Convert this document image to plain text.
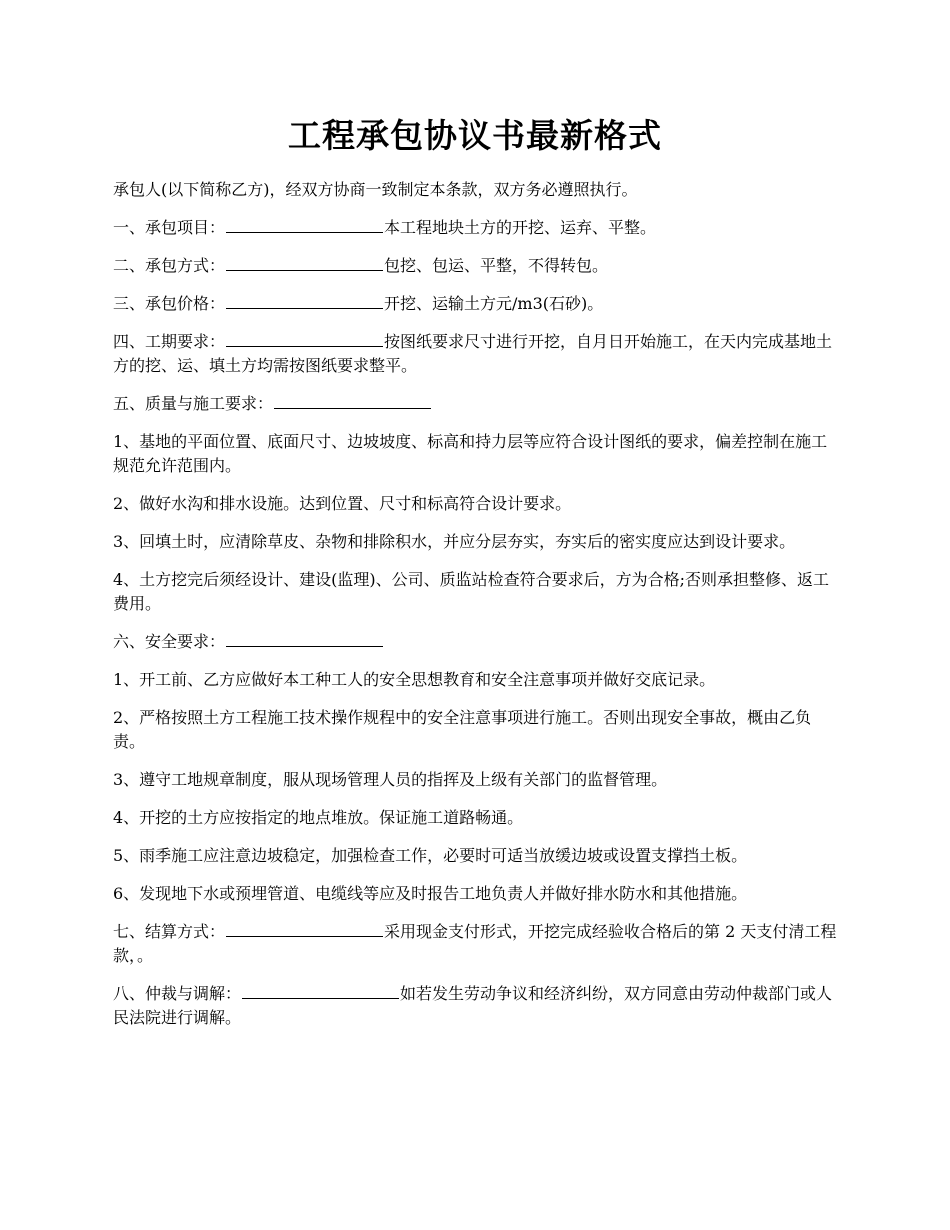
工程承包协议书最新格式

承包人(以下简称乙方)，经双方协商一致制定本条款，双方务必遵照执行。

一、承包项目：	本工程地块土方的开挖、运弃、平整。

二、承包方式：	包挖、包运、平整，不得转包。

三、承包价格：	开挖、运输土方元/m3(石砂)。

四、工期要求：	按图纸要求尺寸进行开挖，自月日开始施工，在天内完成基地土方的挖、运、填土方均需按图纸要求整平。

五、质量与施工要求：

1、基地的平面位置、底面尺寸、边坡坡度、标高和持力层等应符合设计图纸的要求，偏差控制在施工规范允许范围内。

2、做好水沟和排水设施。达到位置、尺寸和标高符合设计要求。

3、回填土时，应清除草皮、杂物和排除积水，并应分层夯实，夯实后的密实度应达到设计要求。

4、土方挖完后须经设计、建设(监理)、公司、质监站检查符合要求后，方为合格;否则承担整修、返工费用。

六、安全要求：

1、开工前、乙方应做好本工种工人的安全思想教育和安全注意事项并做好交底记录。

2、严格按照土方工程施工技术操作规程中的安全注意事项进行施工。否则出现安全事故，概由乙负责。

3、遵守工地规章制度，服从现场管理人员的指挥及上级有关部门的监督管理。

4、开挖的土方应按指定的地点堆放。保证施工道路畅通。

5、雨季施工应注意边坡稳定，加强检查工作，必要时可适当放缓边坡或设置支撑挡土板。

6、发现地下水或预埋管道、电缆线等应及时报告工地负责人并做好排水防水和其他措施。

七、结算方式：	采用现金支付形式，开挖完成经验收合格后的第 2 天支付清工程款，。

八、仲裁与调解：	如若发生劳动争议和经济纠纷，双方同意由劳动仲裁部门或人民法院进行调解。
